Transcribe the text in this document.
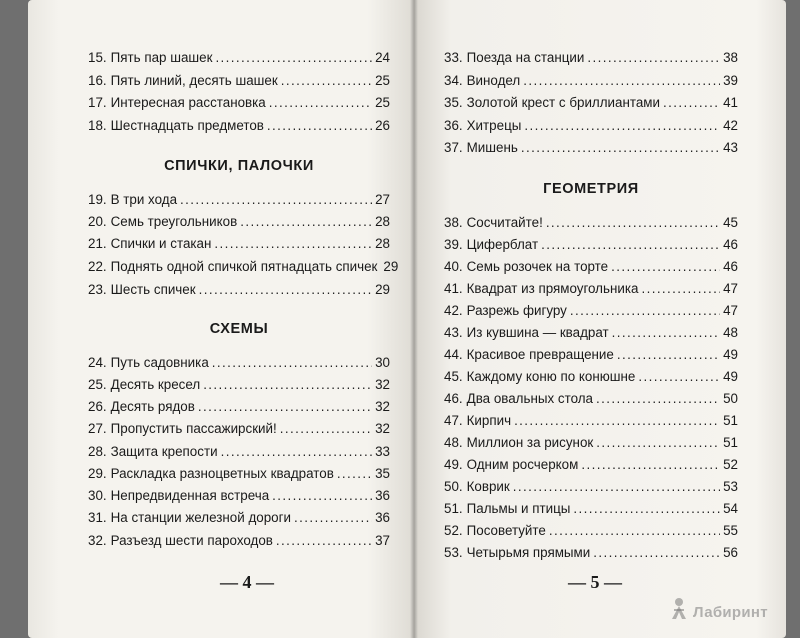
15. Пять пар шашек .....	24
16. Пять линий, десять шашек .....	25
17. Интересная расстановка .....	25
18. Шестнадцать предметов .....	26
СПИЧКИ, ПАЛОЧКИ
19. В три хода .....	27
20. Семь треугольников .....	28
21. Спички и стакан .....	28
22. Поднять одной спичкой пятнадцать спичек 29
23. Шесть спичек .....	29
СХЕМЫ
24. Путь садовника .....	30
25. Десять кресел .....	32
26. Десять рядов .....	32
27. Пропустить пассажирский! .....	32
28. Защита крепости .....	33
29. Раскладка разноцветных квадратов .....	35
30. Непредвиденная встреча .....	36
31. На станции железной дороги .....	36
32. Разъезд шести пароходов .....	37
— 4 —
33. Поезда на станции .....	38
34. Винодел .....	39
35. Золотой крест с бриллиантами .....	41
36. Хитрецы .....	42
37. Мишень .....	43
ГЕОМЕТРИЯ
38. Сосчитайте! .....	45
39. Циферблат .....	46
40. Семь розочек на торте .....	46
41. Квадрат из прямоугольника .....	47
42. Разрежь фигуру .....	47
43. Из кувшина — квадрат .....	48
44. Красивое превращение .....	49
45. Каждому коню по конюшне .....	49
46. Два овальных стола .....	50
47. Кирпич .....	51
48. Миллион за рисунок .....	51
49. Одним росчерком .....	52
50. Коврик .....	53
51. Пальмы и птицы .....	54
52. Посоветуйте .....	55
53. Четырьмя прямыми .....	56
— 5 —
Лабиринт
